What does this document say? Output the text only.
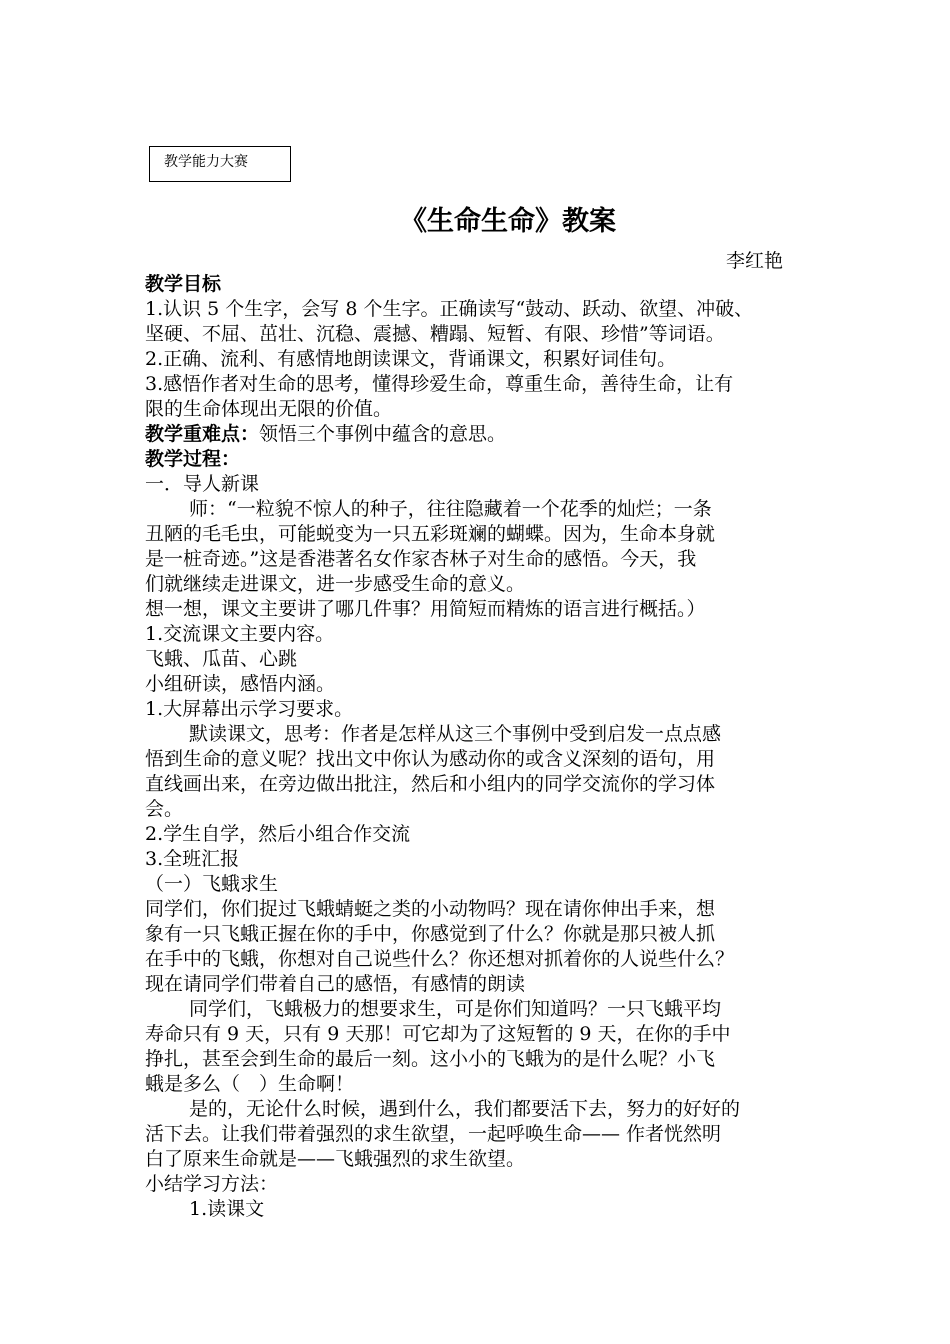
教学能力大赛
《生命生命》教案
李红艳

教学目标

1.认识 5 个生字，会写 8 个生字。正确读写“鼓动、跃动、欲望、冲破、

坚硬、不屈、茁壮、沉稳、震撼、糟蹋、短暂、有限、珍惜”等词语。

2.正确、流利、有感情地朗读课文，背诵课文，积累好词佳句。

3.感悟作者对生命的思考，懂得珍爱生命，尊重生命，善待生命，让有

限的生命体现出无限的价值。

教学重难点：领悟三个事例中蕴含的意思。

教学过程：

一．导人新课

师：“一粒貌不惊人的种子，往往隐藏着一个花季的灿烂；一条

丑陋的毛毛虫，可能蜕变为一只五彩斑斓的蝴蝶。因为，生命本身就

是一桩奇迹。”这是香港著名女作家杏林子对生命的感悟。今天，我

们就继续走进课文，进一步感受生命的意义。

想一想，课文主要讲了哪几件事？用简短而精炼的语言进行概括。）

1.交流课文主要内容。

飞蛾、瓜苗、心跳

小组研读，感悟内涵。

1.大屏幕出示学习要求。

默读课文，思考：作者是怎样从这三个事例中受到启发一点点感

悟到生命的意义呢？找出文中你认为感动你的或含义深刻的语句，用

直线画出来，在旁边做出批注，然后和小组内的同学交流你的学习体

会。

2.学生自学，然后小组合作交流

3.全班汇报

（一）飞蛾求生

同学们，你们捉过飞蛾蜻蜓之类的小动物吗？现在请你伸出手来，想

象有一只飞蛾正握在你的手中，你感觉到了什么？你就是那只被人抓

在手中的飞蛾，你想对自己说些什么？你还想对抓着你的人说些什么？

现在请同学们带着自己的感悟，有感情的朗读

同学们，飞蛾极力的想要求生，可是你们知道吗？一只飞蛾平均

寿命只有 9 天，只有 9 天那！可它却为了这短暂的 9 天，在你的手中

挣扎，甚至会到生命的最后一刻。这小小的飞蛾为的是什么呢？小飞

蛾是多么（　）生命啊！

是的，无论什么时候，遇到什么，我们都要活下去，努力的好好的

活下去。让我们带着强烈的求生欲望，一起呼唤生命—— 作者恍然明

白了原来生命就是——飞蛾强烈的求生欲望。

小结学习方法：

1.读课文
